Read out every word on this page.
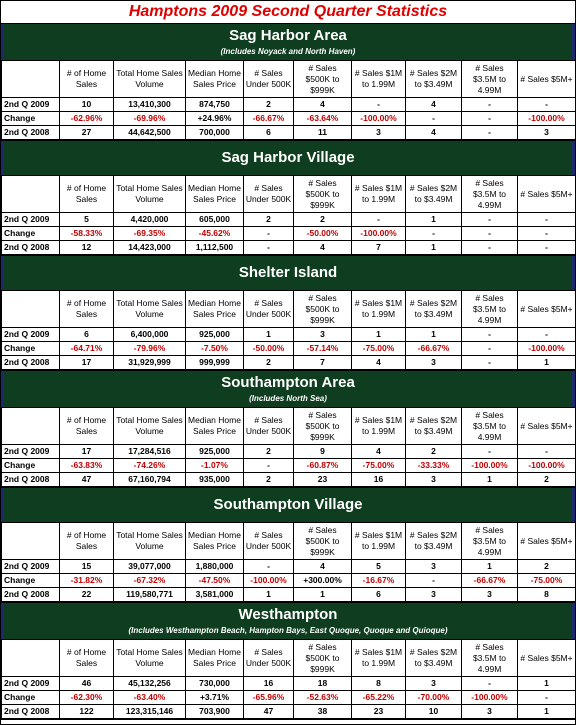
Hamptons 2009 Second Quarter Statistics
Sag Harbor Area
(Includes Noyack and North Haven)
	# of Home Sales	Total Home Sales Volume	Median Home Sales Price	# Sales Under 500K	# Sales $500K to $999K	# Sales $1M to 1.99M	# Sales $2M to $3.49M	# Sales $3.5M to 4.99M	# Sales $5M+
2nd Q 2009	10	13,410,300	874,750	2	4	-	4	-	-
Change	-62.96%	-69.96%	+24.96%	-66.67%	-63.64%	-100.00%	-	-	-100.00%
2nd Q 2008	27	44,642,500	700,000	6	11	3	4	-	3
Sag Harbor Village
	# of Home Sales	Total Home Sales Volume	Median Home Sales Price	# Sales Under 500K	# Sales $500K to $999K	# Sales $1M to 1.99M	# Sales $2M to $3.49M	# Sales $3.5M to 4.99M	# Sales $5M+
2nd Q 2009	5	4,420,000	605,000	2	2	-	1	-	-
Change	-58.33%	-69.35%	-45.62%	-	-50.00%	-100.00%	-	-	-
2nd Q 2008	12	14,423,000	1,112,500	-	4	7	1	-	-
Shelter Island
	# of Home Sales	Total Home Sales Volume	Median Home Sales Price	# Sales Under 500K	# Sales $500K to $999K	# Sales $1M to 1.99M	# Sales $2M to $3.49M	# Sales $3.5M to 4.99M	# Sales $5M+
2nd Q 2009	6	6,400,000	925,000	1	3	1	1	-	-
Change	-64.71%	-79.96%	-7.50%	-50.00%	-57.14%	-75.00%	-66.67%	-	-100.00%
2nd Q 2008	17	31,929,999	999,999	2	7	4	3	-	1
Southampton Area
(Includes North Sea)
	# of Home Sales	Total Home Sales Volume	Median Home Sales Price	# Sales Under 500K	# Sales $500K to $999K	# Sales $1M to 1.99M	# Sales $2M to $3.49M	# Sales $3.5M to 4.99M	# Sales $5M+
2nd Q 2009	17	17,284,516	925,000	2	9	4	2	-	-
Change	-63.83%	-74.26%	-1.07%	-	-60.87%	-75.00%	-33.33%	-100.00%	-100.00%
2nd Q 2008	47	67,160,794	935,000	2	23	16	3	1	2
Southampton Village
	# of Home Sales	Total Home Sales Volume	Median Home Sales Price	# Sales Under 500K	# Sales $500K to $999K	# Sales $1M to 1.99M	# Sales $2M to $3.49M	# Sales $3.5M to 4.99M	# Sales $5M+
2nd Q 2009	15	39,077,000	1,880,000	-	4	5	3	1	2
Change	-31.82%	-67.32%	-47.50%	-100.00%	+300.00%	-16.67%	-	-66.67%	-75.00%
2nd Q 2008	22	119,580,771	3,581,000	1	1	6	3	3	8
Westhampton
(Includes Westhampton Beach, Hampton Bays, East Quoque, Quoque and Quioque)
	# of Home Sales	Total Home Sales Volume	Median Home Sales Price	# Sales Under 500K	# Sales $500K to $999K	# Sales $1M to 1.99M	# Sales $2M to $3.49M	# Sales $3.5M to 4.99M	# Sales $5M+
2nd Q 2009	46	45,132,256	730,000	16	18	8	3	-	1
Change	-62.30%	-63.40%	+3.71%	-65.96%	-52.63%	-65.22%	-70.00%	-100.00%	-
2nd Q 2008	122	123,315,146	703,900	47	38	23	10	3	1
